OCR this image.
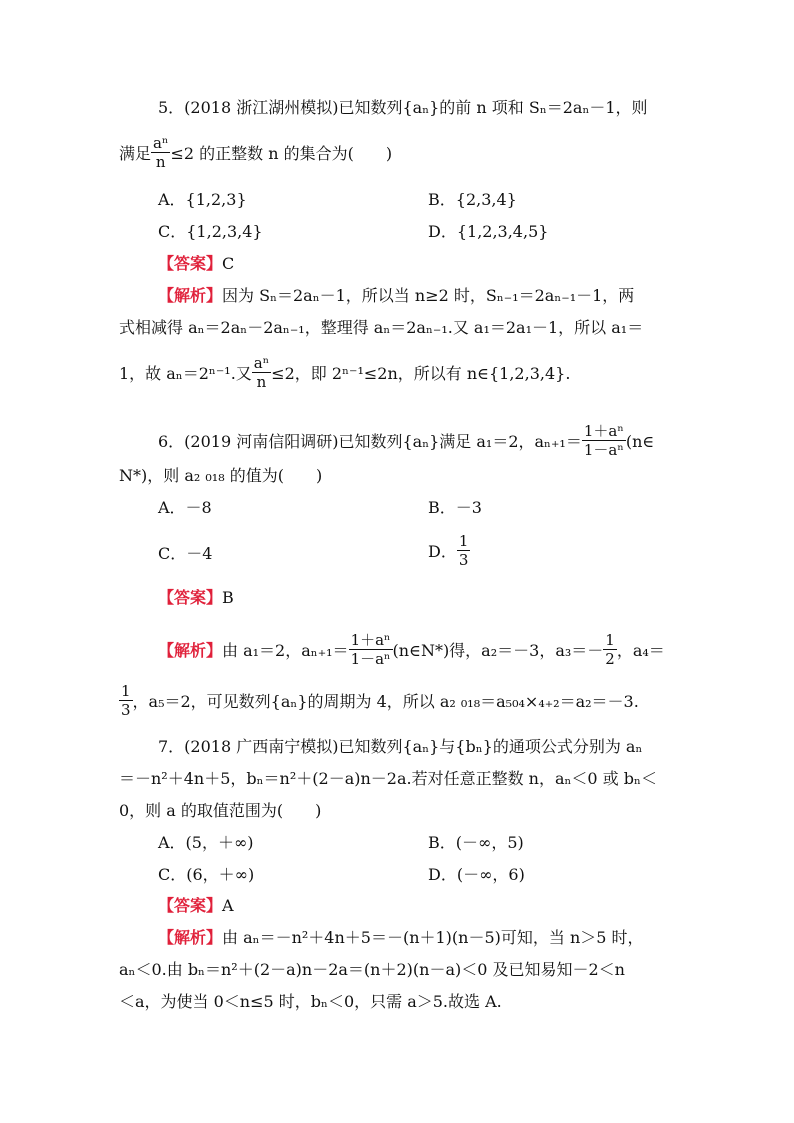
5．(2018 浙江湖州模拟)已知数列{aₙ}的前 n 项和 Sₙ＝2aₙ－1，则
满足 $\frac{\text{aⁿ}}{n} \le 2$ 的正整数 n 的集合为(　　)
A．{1,2,3}	B．{2,3,4}
C．{1,2,3,4}	D．{1,2,3,4,5}
【答案】C
【解析】因为 Sₙ＝2aₙ－1，所以当 n≥2 时，Sₙ₋₁＝2aₙ₋₁－1，两
式相减得 aₙ＝2aₙ－2aₙ₋₁，整理得 aₙ＝2aₙ₋₁.又 a₁＝2a₁－1，所以 a₁＝
1，故 aₙ＝2ⁿ⁻¹.又 $\frac{\text{aⁿ}}{n} \le 2$，即 2ⁿ⁻¹≤2n，所以有 n∈{1,2,3,4}.
6．(2019 河南信阳调研)已知数列{aₙ}满足 a₁＝2，$a_{n+1}= \frac{\text{1＋aⁿ}}{\text{1－aⁿ}}$ (n∈
N*)，则 a₂ ₀₁₈ 的值为(　　)
A．－8	B．－3
C．－4	D． $\frac{1}{3}$
【答案】B
【解析】由 a₁＝2，$a_{n+1}= \frac{\text{1＋aⁿ}}{\text{1－aⁿ}}$ (n∈N*)得，a₂＝－3，$a_3=- \frac{1}{2}$ ，a₄＝
$\frac{1}{3}$ ，a₅＝2，可见数列{aₙ}的周期为 4，所以 a₂ ₀₁₈＝a₅₀₄×₄₊₂＝a₂＝－3.
7．(2018 广西南宁模拟)已知数列{aₙ}与{bₙ}的通项公式分别为 aₙ
＝－n²＋4n＋5，bₙ＝n²＋(2－a)n－2a.若对任意正整数 n，aₙ＜0 或 bₙ＜
0，则 a 的取值范围为(　　)
A．(5，＋∞)	B．(－∞，5)
C．(6，＋∞)	D．(－∞，6)
【答案】A
【解析】由 aₙ＝－n²＋4n＋5＝－(n＋1)(n－5)可知，当 n＞5 时，
aₙ＜0.由 bₙ＝n²＋(2－a)n－2a＝(n＋2)(n－a)＜0 及已知易知－2＜n
＜a，为使当 0＜n≤5 时，bₙ＜0，只需 a＞5.故选 A.
